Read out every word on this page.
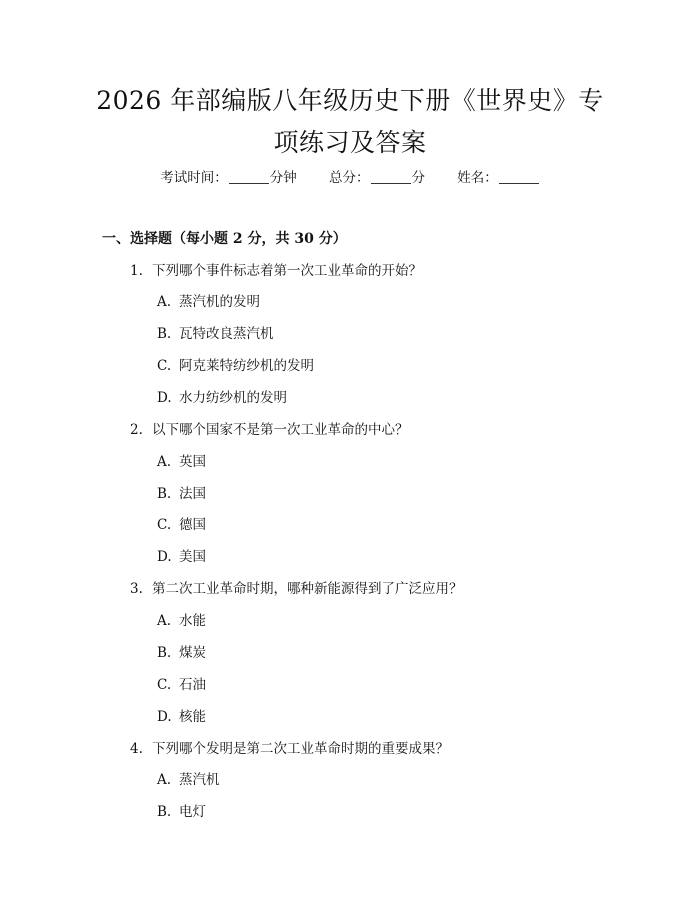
2026 年部编版八年级历史下册《世界史》专
项练习及答案
考试时间：	分钟 总分：	分 姓名：
一、选择题（每小题 2 分，共 30 分）
1. 下列哪个事件标志着第一次工业革命的开始？
A. 蒸汽机的发明
B. 瓦特改良蒸汽机
C. 阿克莱特纺纱机的发明
D. 水力纺纱机的发明
2. 以下哪个国家不是第一次工业革命的中心？
A. 英国
B. 法国
C. 德国
D. 美国
3. 第二次工业革命时期，哪种新能源得到了广泛应用？
A. 水能
B. 煤炭
C. 石油
D. 核能
4. 下列哪个发明是第二次工业革命时期的重要成果？
A. 蒸汽机
B. 电灯
